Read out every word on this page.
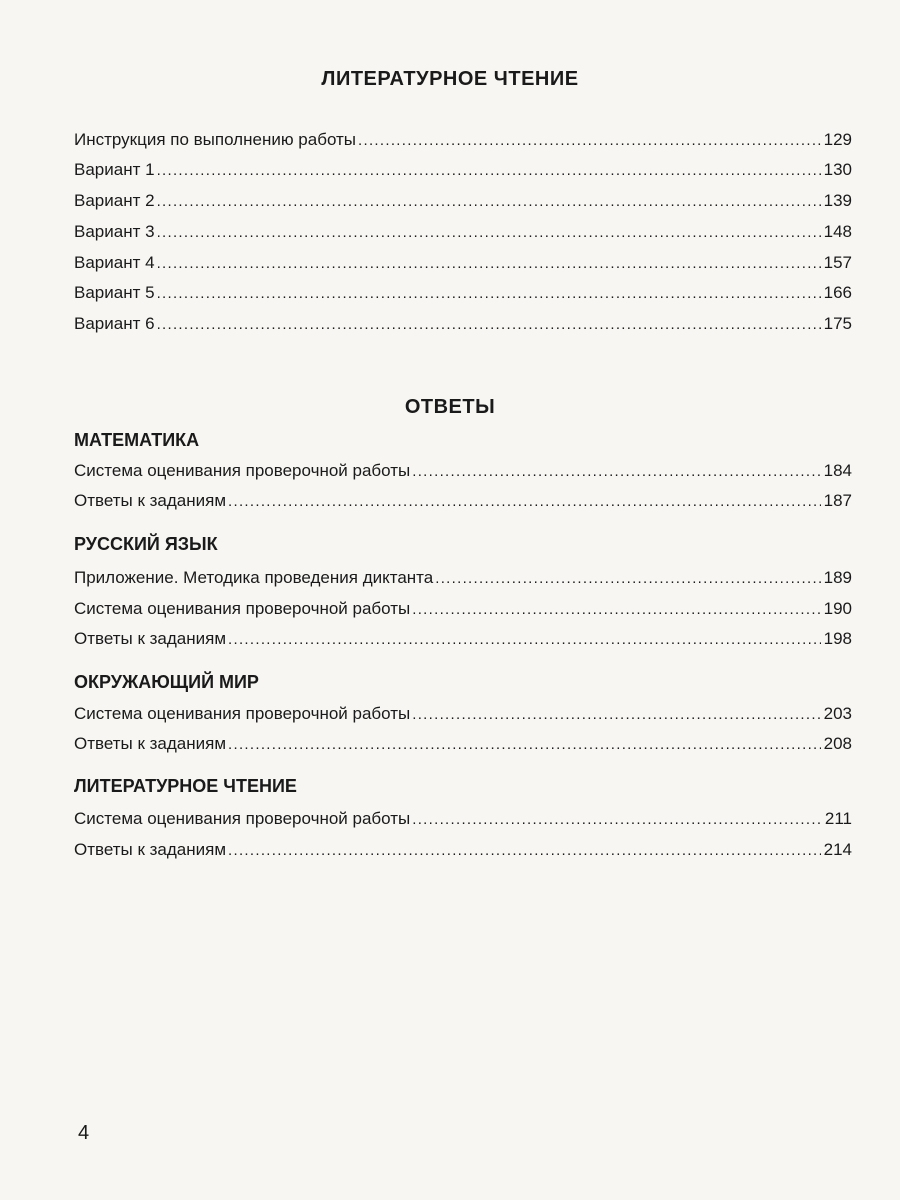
ЛИТЕРАТУРНОЕ ЧТЕНИЕ
Инструкция по выполнению работы .....	129
Вариант 1 .....	130
Вариант 2 .....	139
Вариант 3 .....	148
Вариант 4 .....	157
Вариант 5 .....	166
Вариант 6 .....	175
ОТВЕТЫ
МАТЕМАТИКА
Система оценивания проверочной работы .....	184
Ответы к заданиям .....	187
РУССКИЙ ЯЗЫК
Приложение. Методика проведения диктанта .....	189
Система оценивания проверочной работы .....	190
Ответы к заданиям .....	198
ОКРУЖАЮЩИЙ МИР
Система оценивания проверочной работы .....	203
Ответы к заданиям .....	208
ЛИТЕРАТУРНОЕ ЧТЕНИЕ
Система оценивания проверочной работы .....	211
Ответы к заданиям .....	214
4
